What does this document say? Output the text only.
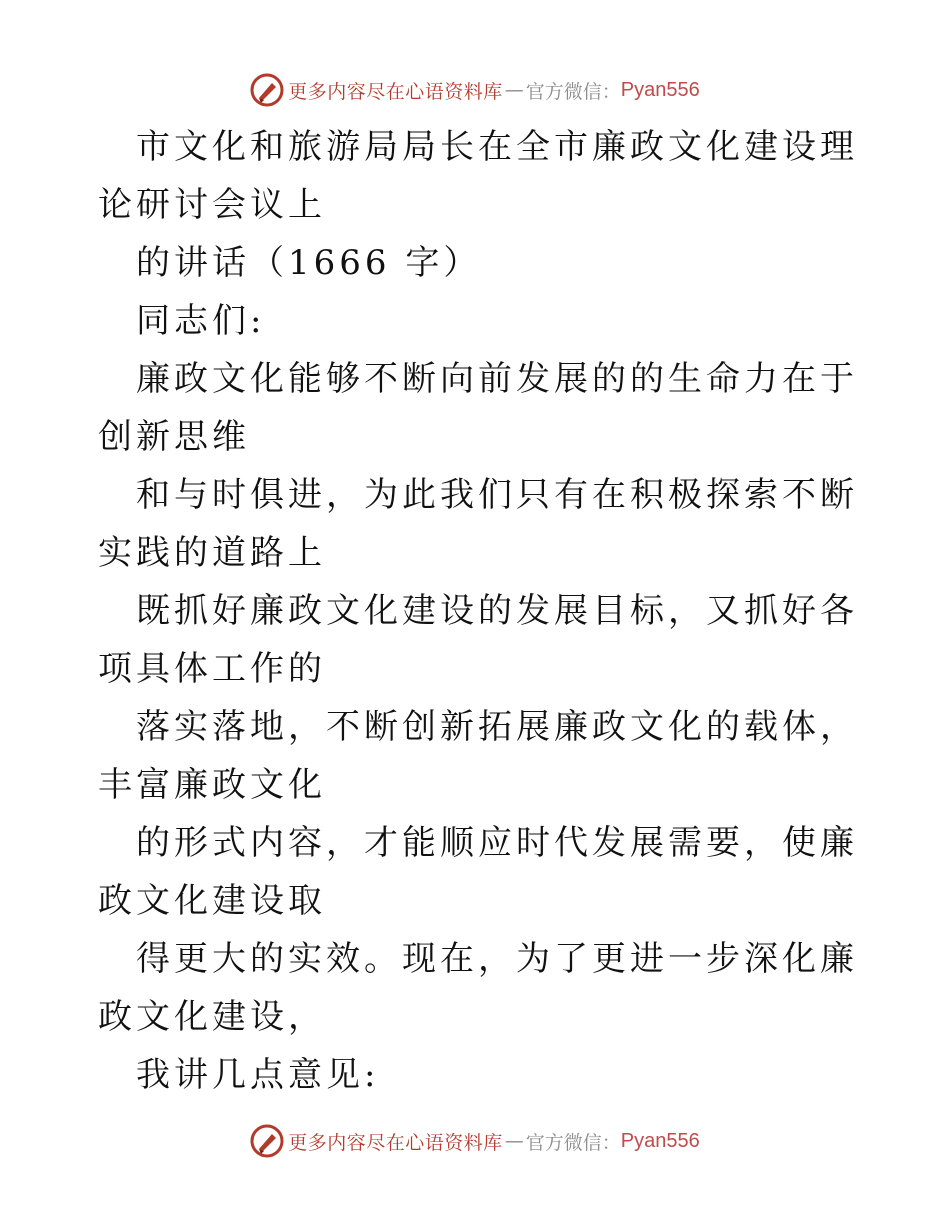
更多内容尽在心语资料库 — 官方微信： Pyan556

市文化和旅游局局长在全市廉政文化建设理论研讨会议上

的讲话（1666 字）

同志们:

廉政文化能够不断向前发展的的生命力在于创新思维

和与时俱进，为此我们只有在积极探索不断实践的道路上

既抓好廉政文化建设的发展目标，又抓好各项具体工作的

落实落地，不断创新拓展廉政文化的载体，丰富廉政文化

的形式内容，才能顺应时代发展需要，使廉政文化建设取

得更大的实效。现在，为了更进一步深化廉政文化建设，

我讲几点意见:

更多内容尽在心语资料库 — 官方微信： Pyan556
